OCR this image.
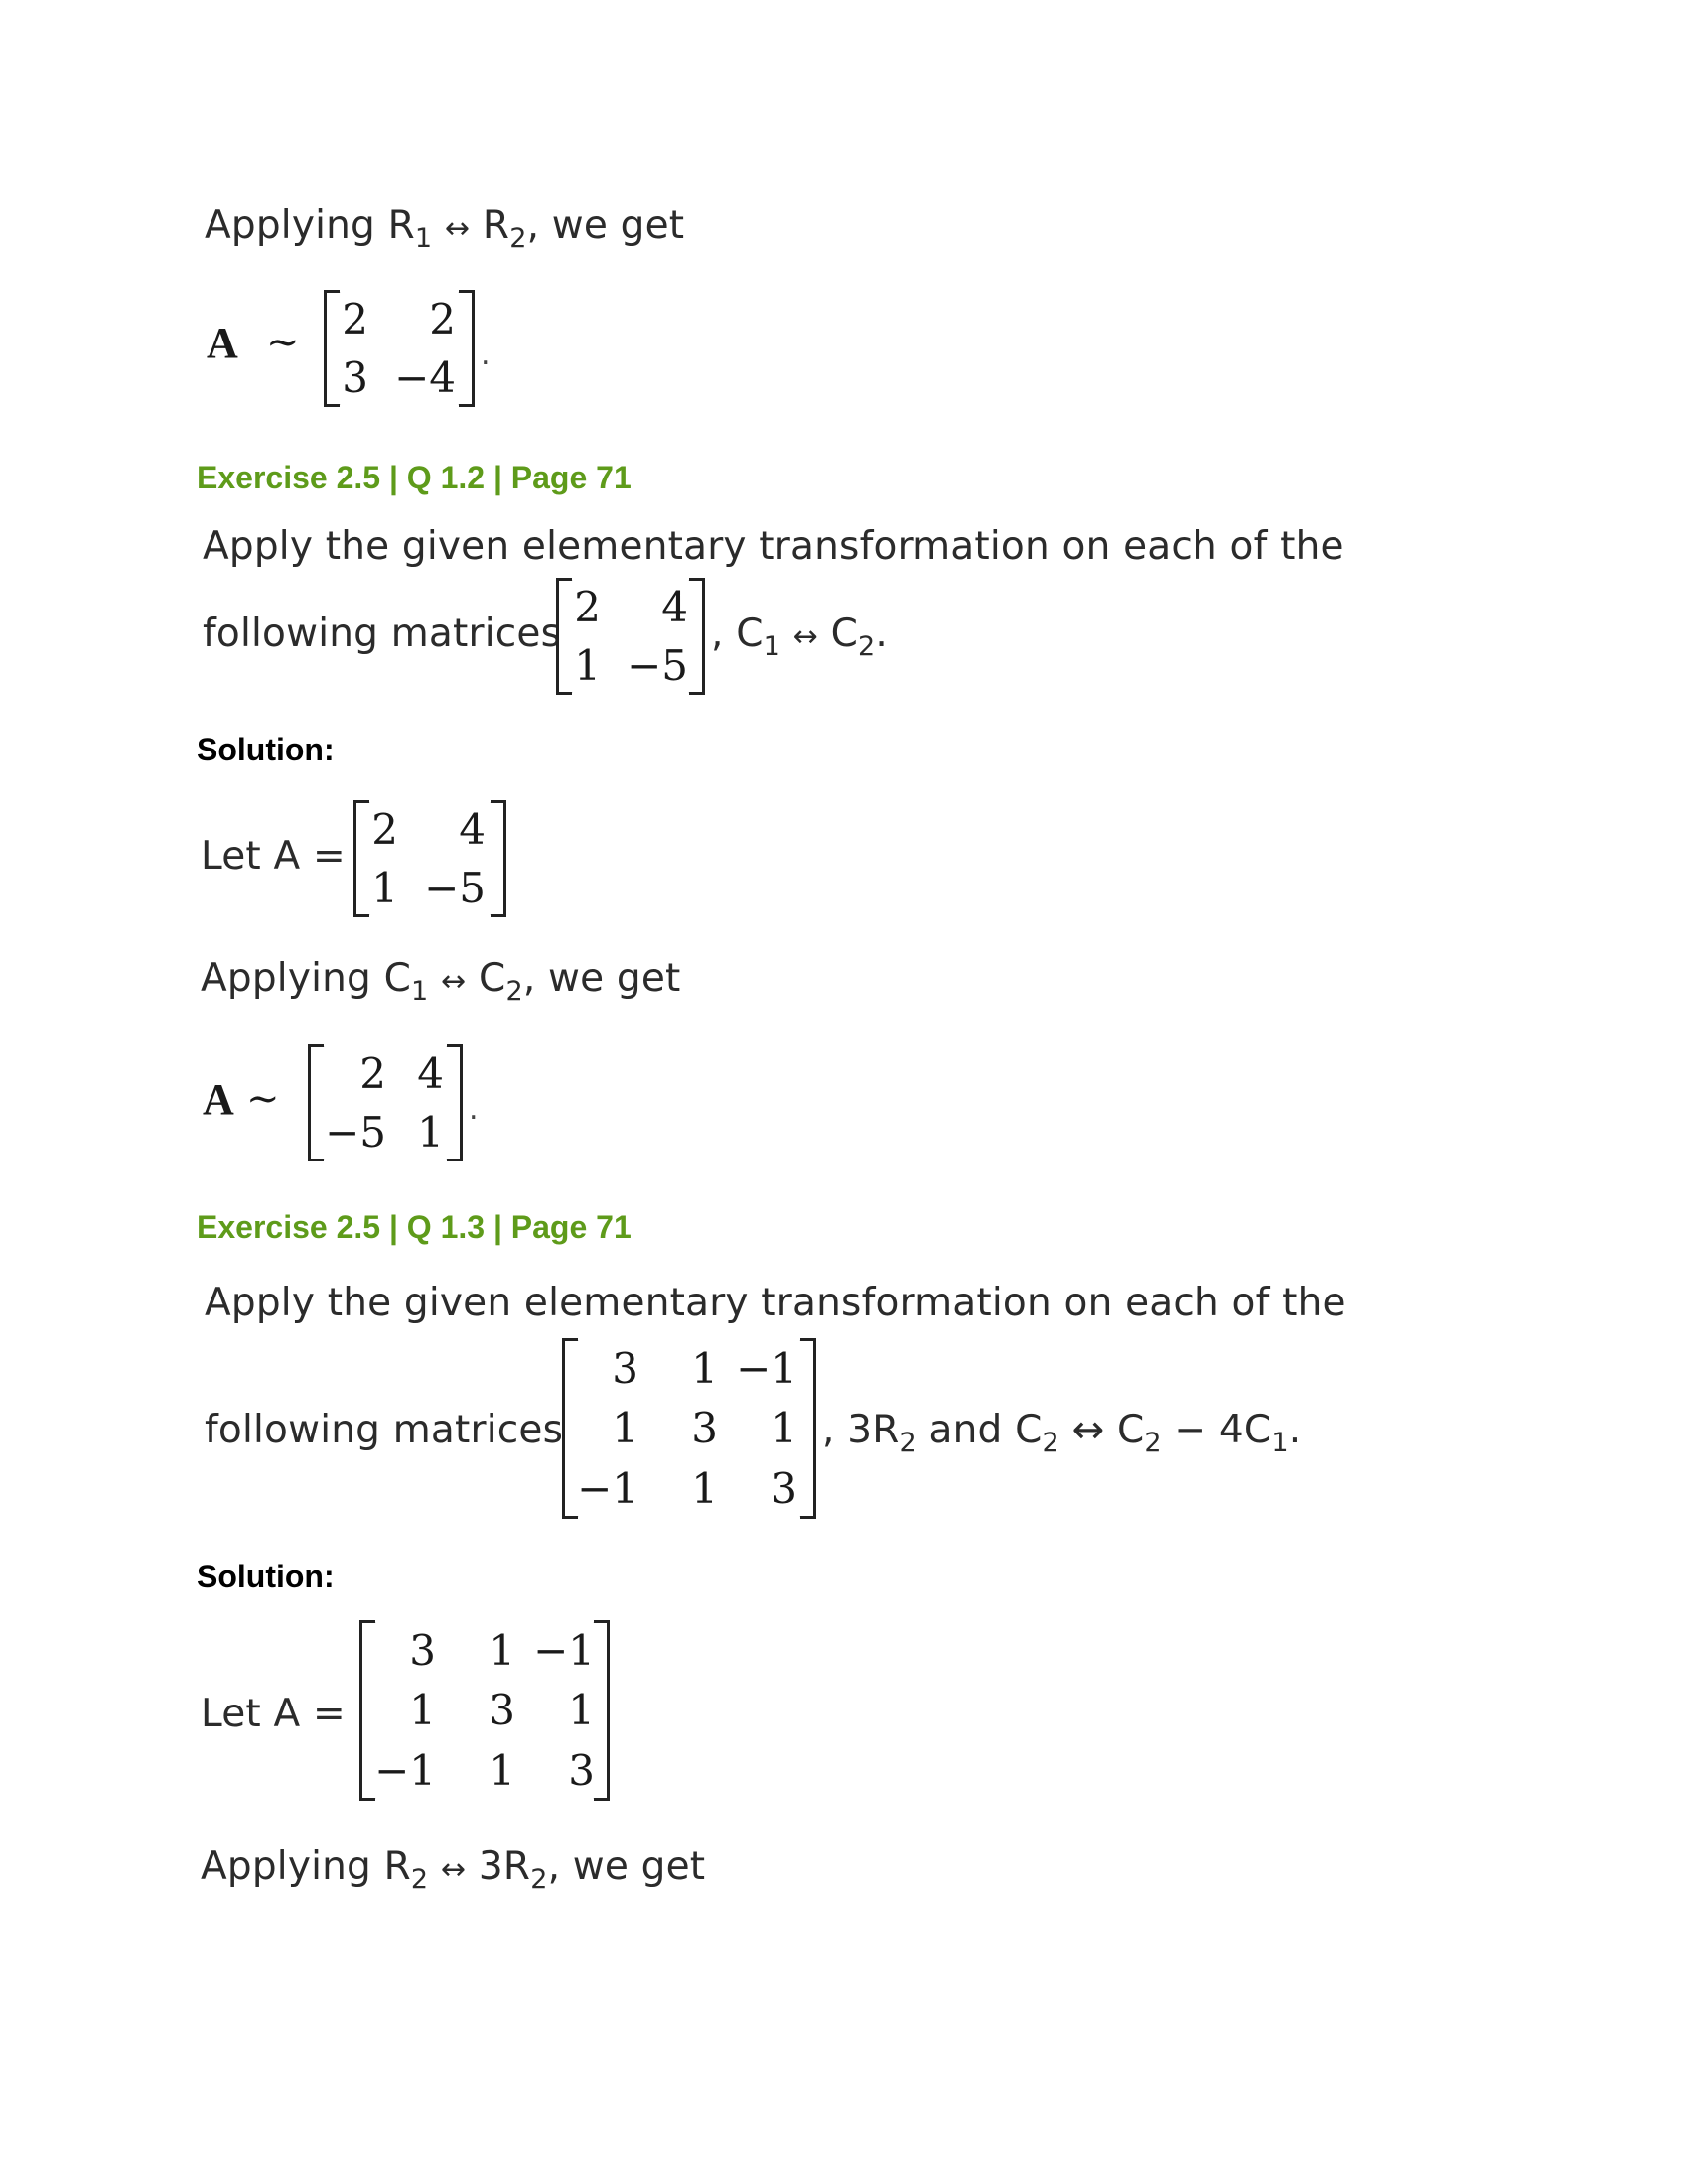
Applying $R_1$ ↔ $R_2$, we get
A ∼ 2	2
3 −4 .
Exercise 2.5 | Q 1.2 | Page 71
Apply the given elementary transformation on each of the
following matrices
2	4
1 −5
, $C_1$ ↔ $C_2$.
Solution:
Let A =
2	4
1 −5
Applying $C_1$ ↔ $C_2$, we get
A ∼
2 4
−5 1 .
Exercise 2.5 | Q 1.3 | Page 71
Apply the given elementary transformation on each of the
following matrices
3	1 −1
1	3	1
−1	1	3
, $3R_2$ and $C_2$ ↔ $C_2 - 4C_1$.
Solution:
Let A =
3	1 −1
1	3	1
−1	1	3
Applying $R_2$ ↔ $3R_2$, we get
